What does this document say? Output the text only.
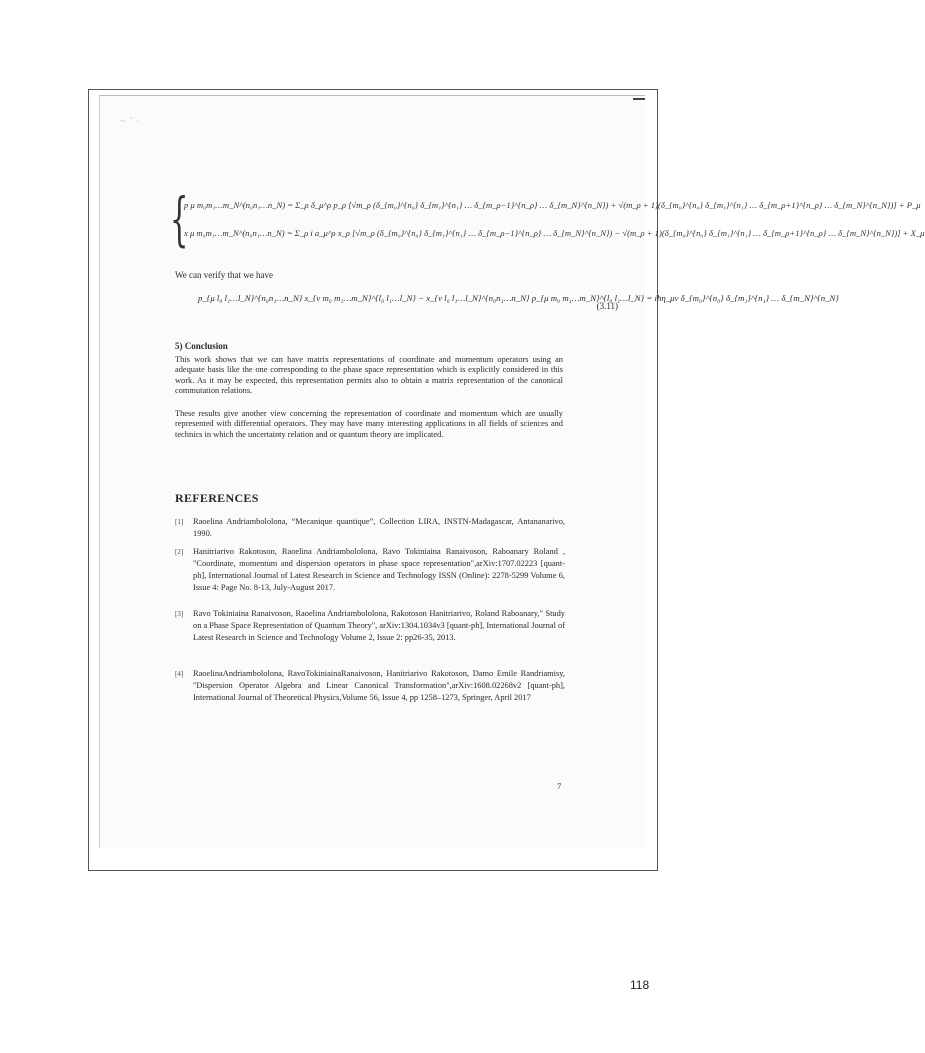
~ ˜ ·
{
p μ m₀m₁…m_N^(n₀n₁…n_N) = Σ_ρ δ_μ^ρ p_ρ [√m_ρ (δ_{m₀}^{n₀} δ_{m₁}^{n₁} … δ_{m_ρ−1}^{n_ρ} … δ_{m_N}^{n_N}) + √(m_ρ + 1)(δ_{m₀}^{n₀} δ_{m₁}^{n₁} … δ_{m_ρ+1}^{n_ρ} … δ_{m_N}^{n_N})] + P_μ
x μ m₀m₁…m_N^(n₀n₁…n_N) = Σ_ρ i a_μ^ρ x_ρ [√m_ρ (δ_{m₀}^{n₀} δ_{m₁}^{n₁} … δ_{m_ρ−1}^{n_ρ} … δ_{m_N}^{n_N}) − √(m_ρ + 1)(δ_{m₀}^{n₀} δ_{m₁}^{n₁} … δ_{m_ρ+1}^{n_ρ} … δ_{m_N}^{n_N})] + X_μ
We can verify that we have
p_{μ l₀ l₁…l_N}^{n₀n₁…n_N} x_{ν m₀ m₁…m_N}^{l₀ l₁…l_N} − x_{ν l₀ l₁…l_N}^{n₀n₁…n_N} p_{μ m₀ m₁…m_N}^{l₀ l₁…l_N} = iħη_μν δ_{m₀}^{n₀} δ_{m₁}^{n₁} … δ_{m_N}^{n_N}
(3.11)
5) Conclusion
This work shows that we can have matrix representations of coordinate and momentum operators using an adequate basis like the one corresponding to the phase space representation which is explicitly considered in this work. As it may be expected, this representation permits also to obtain a matrix representation of the canonical commutation relations.
These results give another view concerning the representation of coordinate and momentum which are usually represented with differential operators. They may have many interesting applications in all fields of sciences and technics in which the uncertainty relation and or quantum theory are implicated.
REFERENCES
[1] Raoelina Andriambololona, “Mecanique quantique”, Collection LIRA, INSTN-Madagascar, Antananarivo, 1990.
[2] Hanitriarivo Rakotoson, Raoelina Andriambololona, Ravo Tokiniaina Ranaivoson, Raboanary Roland , "Coordinate, momentum and dispersion operators in phase space representation",arXiv:1707.02223 [quant-ph], International Journal of Latest Research in Science and Technology ISSN (Online): 2278-5299 Volume 6, Issue 4: Page No. 8-13, July-August 2017.
[3] Ravo Tokiniaina Ranaivoson, Raoelina Andriambololona, Rakotoson Hanitriarivo, Roland Raboanary," Study on a Phase Space Representation of Quantum Theory", arXiv:1304.1034v3 [quant-ph], International Journal of Latest Research in Science and Technology Volume 2, Issue 2: pp26-35, 2013.
[4] RaoelinaAndriambololona, RavoTokiniainaRanaivoson, Hanitriarivo Rakotoson, Damo Emile Randriamisy, "Dispersion Operator Algebra and Linear Canonical Transformation",arXiv:1608.02268v2 [quant-ph], International Journal of Theoretical Physics,Volume 56, Issue 4, pp 1258–1273, Springer, April 2017
7
118
